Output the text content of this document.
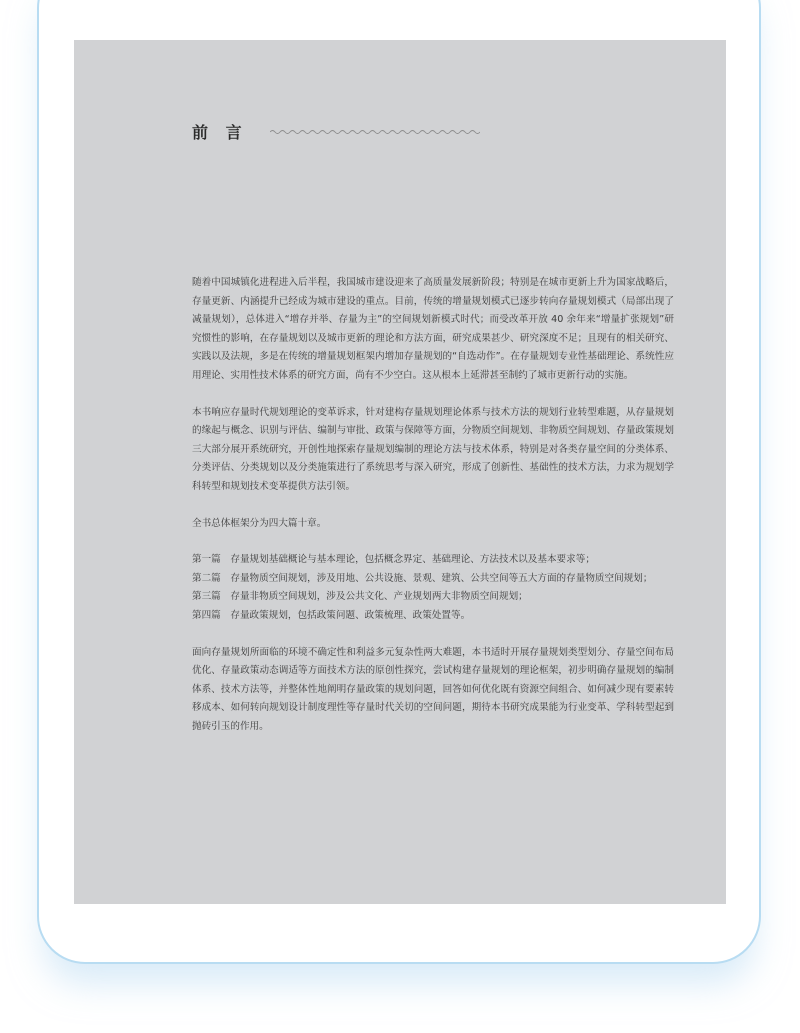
前 言

随着中国城镇化进程进入后半程，我国城市建设迎来了高质量发展新阶段；特别是在城市更新上升为国家战略后，存量更新、内涵提升已经成为城市建设的重点。目前，传统的增量规划模式已逐步转向存量规划模式（局部出现了减量规划），总体进入“增存并举、存量为主”的空间规划新模式时代；而受改革开放 40 余年来“增量扩张规划”研究惯性的影响，在存量规划以及城市更新的理论和方法方面，研究成果甚少、研究深度不足；且现有的相关研究、实践以及法规，多是在传统的增量规划框架内增加存量规划的“自选动作”。在存量规划专业性基础理论、系统性应用理论、实用性技术体系的研究方面，尚有不少空白。这从根本上延滞甚至制约了城市更新行动的实施。

本书响应存量时代规划理论的变革诉求，针对建构存量规划理论体系与技术方法的规划行业转型难题，从存量规划的缘起与概念、识别与评估、编制与审批、政策与保障等方面，分物质空间规划、非物质空间规划、存量政策规划三大部分展开系统研究，开创性地探索存量规划编制的理论方法与技术体系，特别是对各类存量空间的分类体系、分类评估、分类规划以及分类施策进行了系统思考与深入研究，形成了创新性、基础性的技术方法，力求为规划学科转型和规划技术变革提供方法引领。

全书总体框架分为四大篇十章。

第一篇　存量规划基础概论与基本理论，包括概念界定、基础理论、方法技术以及基本要求等；

第二篇　存量物质空间规划，涉及用地、公共设施、景观、建筑、公共空间等五大方面的存量物质空间规划；

第三篇　存量非物质空间规划，涉及公共文化、产业规划两大非物质空间规划；

第四篇　存量政策规划，包括政策问题、政策梳理、政策处置等。

面向存量规划所面临的环境不确定性和利益多元复杂性两大难题，本书适时开展存量规划类型划分、存量空间布局优化、存量政策动态调适等方面技术方法的原创性探究，尝试构建存量规划的理论框架，初步明确存量规划的编制体系、技术方法等，并整体性地阐明存量政策的规划问题，回答如何优化既有资源空间组合、如何减少现有要素转移成本、如何转向规划设计制度理性等存量时代关切的空间问题，期待本书研究成果能为行业变革、学科转型起到抛砖引玉的作用。
